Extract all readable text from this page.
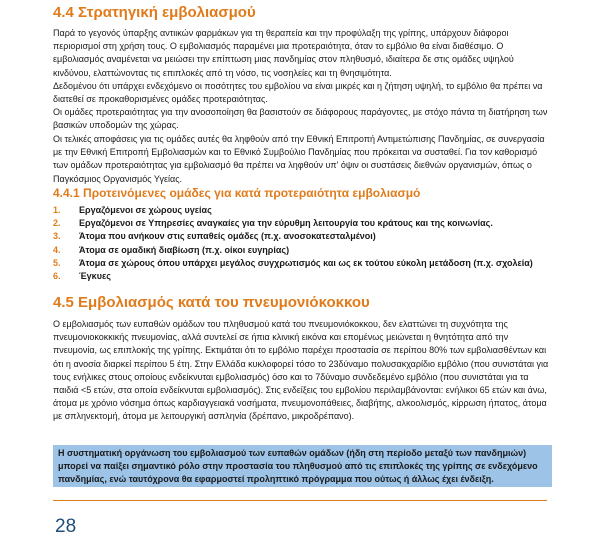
4.4 Στρατηγική εμβολιασμού
Παρά το γεγονός ύπαρξης αντιικών φαρμάκων για τη θεραπεία και την προφύλαξη της γρίπης, υπάρχουν διάφοροι περιορισμοί στη χρήση τους. Ο εμβολιασμός παραμένει μια προτεραιότητα, όταν το εμβόλιο θα είναι διαθέσιμο. Ο εμβολιασμός αναμένεται να μειώσει την επίπτωση μιας πανδημίας στον πληθυσμό, ιδιαίτερα δε στις ομάδες υψηλού κινδύνου, ελαττώνοντας τις επιπλοκές από τη νόσο, τις νοσηλείες και τη θνησιμότητα.
Δεδομένου ότι υπάρχει ενδεχόμενο οι ποσότητες του εμβολίου να είναι μικρές και η ζήτηση υψηλή, το εμβόλιο θα πρέπει να διατεθεί σε προκαθορισμένες ομάδες προτεραιότητας.
Οι ομάδες προτεραιότητας για την ανοσοποίηση θα βασιστούν σε διάφορους παράγοντες, με στόχο πάντα τη διατήρηση των βασικών υποδομών της χώρας.
Οι τελικές αποφάσεις για τις ομάδες αυτές θα ληφθούν από την Εθνική Επιτροπή Αντιμετώπισης Πανδημίας, σε συνεργασία με την Εθνική Επιτροπή Εμβολιασμών και το Εθνικό Συμβούλιο Πανδημίας που πρόκειται να συσταθεί. Για τον καθορισμό των ομάδων προτεραιότητας για εμβολιασμό θα πρέπει να ληφθούν υπ' όψιν οι συστάσεις διεθνών οργανισμών, όπως ο Παγκόσμιος Οργανισμός Υγείας.
4.4.1 Προτεινόμενες ομάδες για κατά προτεραιότητα εμβολιασμό
1. Εργαζόμενοι σε χώρους υγείας
2. Εργαζόμενοι σε Υπηρεσίες αναγκαίες για την εύρυθμη λειτουργία του κράτους και της κοινωνίας.
3. Άτομα που ανήκουν στις ευπαθείς ομάδες (π.χ. ανοσοκατεσταλμένοι)
4. Άτομα σε ομαδική διαβίωση (π.χ. οίκοι ευγηρίας)
5. Άτομα σε χώρους όπου υπάρχει μεγάλος συγχρωτισμός και ως εκ τούτου εύκολη μετάδοση (π.χ. σχολεία)
6. Έγκυες
4.5 Εμβολιασμός κατά του πνευμονιόκοκκου
Ο εμβολιασμός των ευπαθών ομάδων του πληθυσμού κατά του πνευμονιόκοκκου, δεν ελαττώνει τη συχνότητα της πνευμονιοκοκκικής πνευμονίας, αλλά συντελεί σε ήπια κλινική εικόνα και επομένως μειώνεται η θνητότητα από την πνευμονία, ως επιπλοκής της γρίπης. Εκτιμάται ότι το εμβόλιο παρέχει προστασία σε περίπου 80% των εμβολιασθέντων και ότι η ανοσία διαρκεί περίπου 5 έτη. Στην Ελλάδα κυκλοφορεί τόσο το 23δύναμο πολυσακχαρίδιο εμβόλιο (που συνιστάται για τους ενήλικες στους οποίους ενδείκνυται εμβολιασμός) όσο και το 7δύναμο συνδεδεμένο εμβόλιο (που συνιστάται για τα παιδιά <5 ετών, στα οποία ενδείκνυται εμβολιασμός). Στις ενδείξεις του εμβολίου περιλαμβάνονται: ενήλικοι 65 ετών και άνω, άτομα με χρόνιο νόσημα όπως καρδιαγγειακά νοσήματα, πνευμονοπάθειες, διαβήτης, αλκοολισμός, κίρρωση ήπατος, άτομα με σπληνεκτομή, άτομα με λειτουργική ασπληνία (δρέπανο, μικροδρέπανο).
Η συστηματική οργάνωση του εμβολιασμού των ευπαθών ομάδων (ήδη στη περίοδο μεταξύ των πανδημιών) μπορεί να παίξει σημαντικό ρόλο στην προστασία του πληθυσμού από τις επιπλοκές της γρίπης σε ενδεχόμενο πανδημίας, ενώ ταυτόχρονα θα εφαρμοστεί προληπτικό πρόγραμμα που ούτως ή άλλως έχει ένδειξη.
28
